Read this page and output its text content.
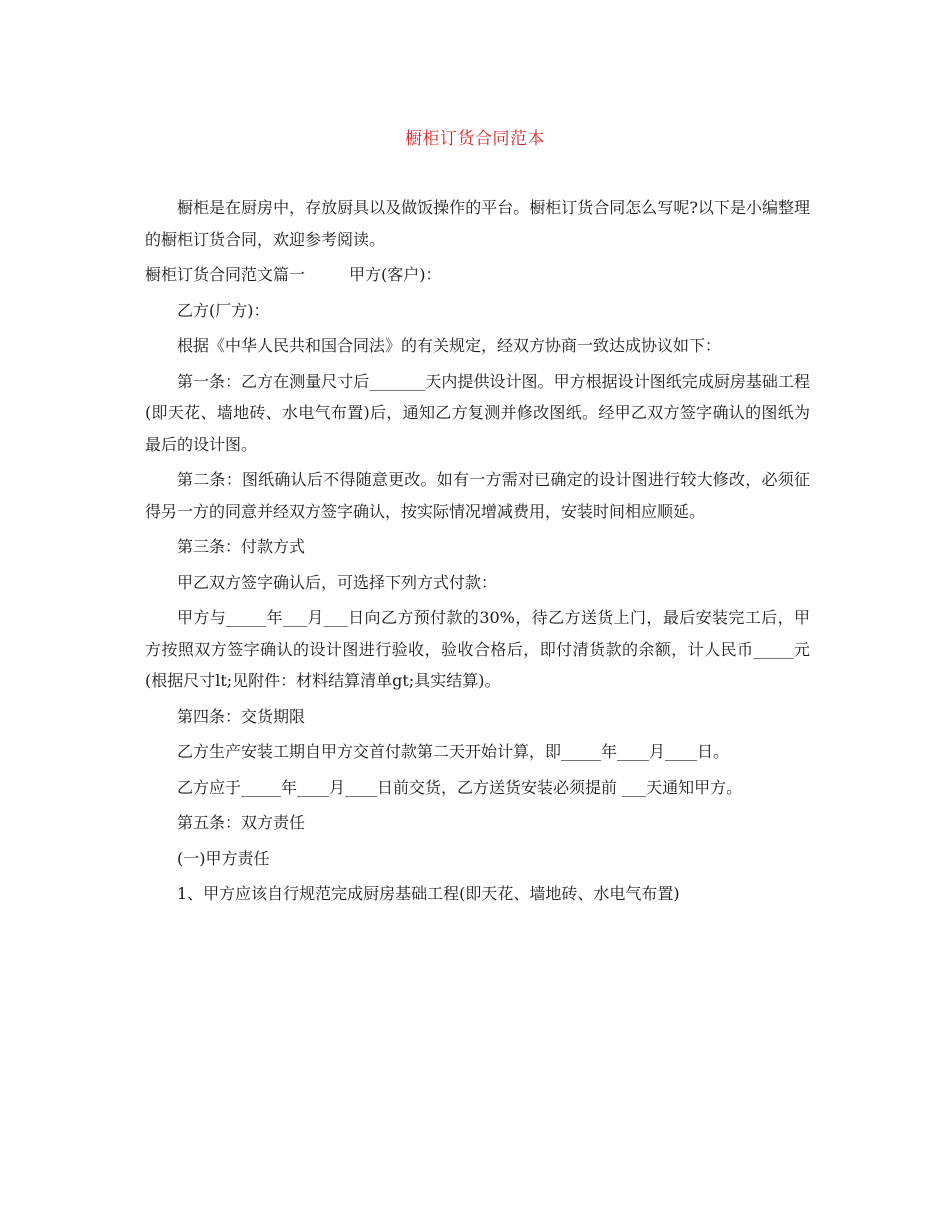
橱柜订货合同范本

橱柜是在厨房中，存放厨具以及做饭操作的平台。橱柜订货合同怎么写呢?以下是小编整理的橱柜订货合同，欢迎参考阅读。

橱柜订货合同范文篇一	甲方(客户)：

乙方(厂方)：

根据《中华人民共和国合同法》的有关规定，经双方协商一致达成协议如下：

第一条：乙方在测量尺寸后_______天内提供设计图。甲方根据设计图纸完成厨房基础工程(即天花、墙地砖、水电气布置)后，通知乙方复测并修改图纸。经甲乙双方签字确认的图纸为最后的设计图。

第二条：图纸确认后不得随意更改。如有一方需对已确定的设计图进行较大修改，必须征得另一方的同意并经双方签字确认，按实际情况增减费用，安装时间相应顺延。

第三条：付款方式

甲乙双方签字确认后，可选择下列方式付款：

甲方与_____年___月___日向乙方预付款的30%，待乙方送货上门，最后安装完工后，甲方按照双方签字确认的设计图进行验收，验收合格后，即付清货款的余额，计人民币_____元(根据尺寸lt;见附件：材料结算清单gt;具实结算)。

第四条：交货期限

乙方生产安装工期自甲方交首付款第二天开始计算，即_____年____月____日。

乙方应于_____年____月____日前交货，乙方送货安装必须提前 ___天通知甲方。

第五条：双方责任

(一)甲方责任

1、甲方应该自行规范完成厨房基础工程(即天花、墙地砖、水电气布置)
